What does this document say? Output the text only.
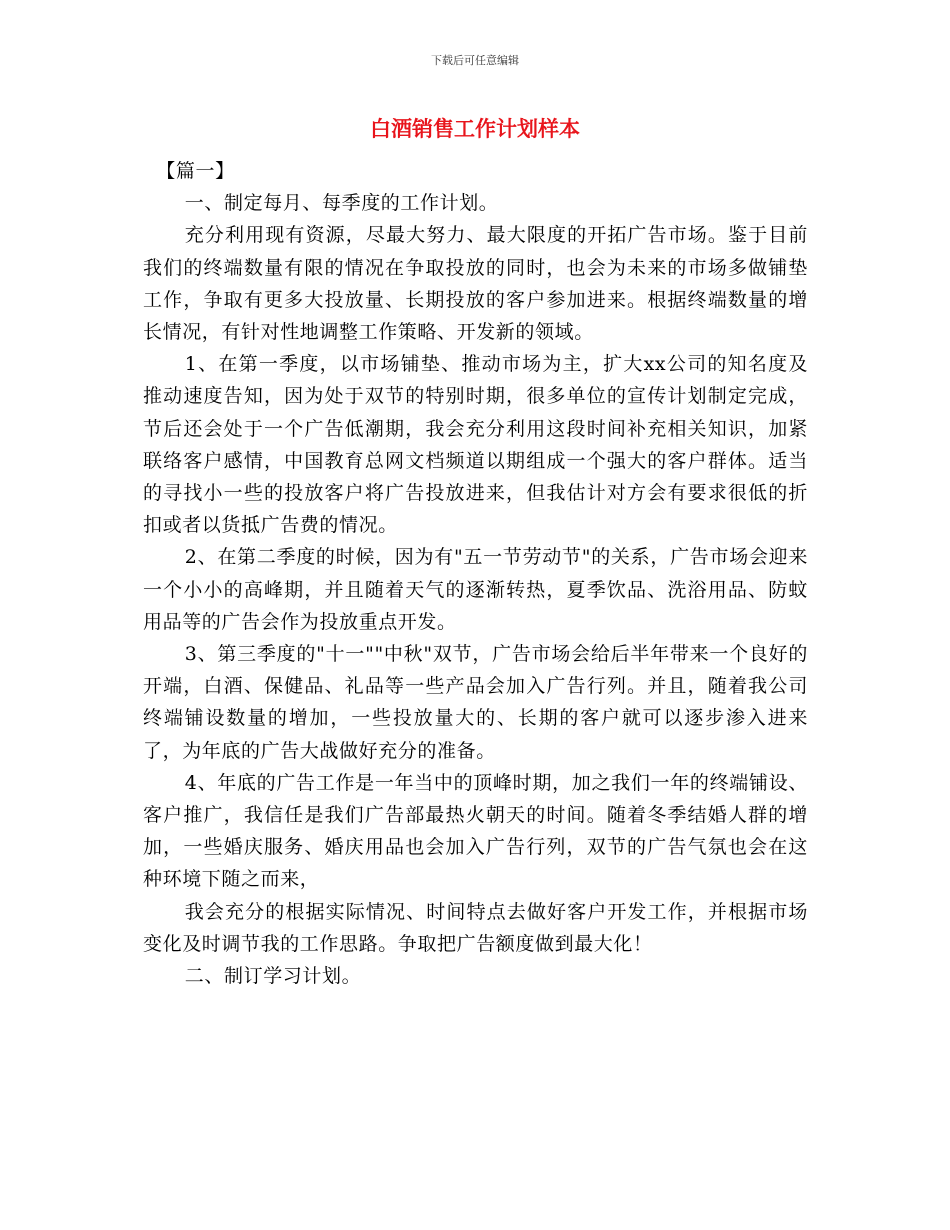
下载后可任意编辑
白酒销售工作计划样本

【篇一】

一、制定每月、每季度的工作计划。

充分利用现有资源，尽最大努力、最大限度的开拓广告市场。鉴于目前我们的终端数量有限的情况在争取投放的同时，也会为未来的市场多做铺垫工作，争取有更多大投放量、长期投放的客户参加进来。根据终端数量的增长情况，有针对性地调整工作策略、开发新的领域。

1、在第一季度，以市场铺垫、推动市场为主，扩大xx公司的知名度及推动速度告知，因为处于双节的特别时期，很多单位的宣传计划制定完成，节后还会处于一个广告低潮期，我会充分利用这段时间补充相关知识，加紧联络客户感情，中国教育总网文档频道以期组成一个强大的客户群体。适当的寻找小一些的投放客户将广告投放进来，但我估计对方会有要求很低的折扣或者以货抵广告费的情况。

2、在第二季度的时候，因为有"五一节劳动节"的关系，广告市场会迎来一个小小的高峰期，并且随着天气的逐渐转热，夏季饮品、洗浴用品、防蚊用品等的广告会作为投放重点开发。

3、第三季度的"十一""中秋"双节，广告市场会给后半年带来一个良好的开端，白酒、保健品、礼品等一些产品会加入广告行列。并且，随着我公司终端铺设数量的增加，一些投放量大的、长期的客户就可以逐步渗入进来了，为年底的广告大战做好充分的准备。

4、年底的广告工作是一年当中的顶峰时期，加之我们一年的终端铺设、客户推广，我信任是我们广告部最热火朝天的时间。随着冬季结婚人群的增加，一些婚庆服务、婚庆用品也会加入广告行列，双节的广告气氛也会在这种环境下随之而来，

我会充分的根据实际情况、时间特点去做好客户开发工作，并根据市场变化及时调节我的工作思路。争取把广告额度做到最大化！

二、制订学习计划。
